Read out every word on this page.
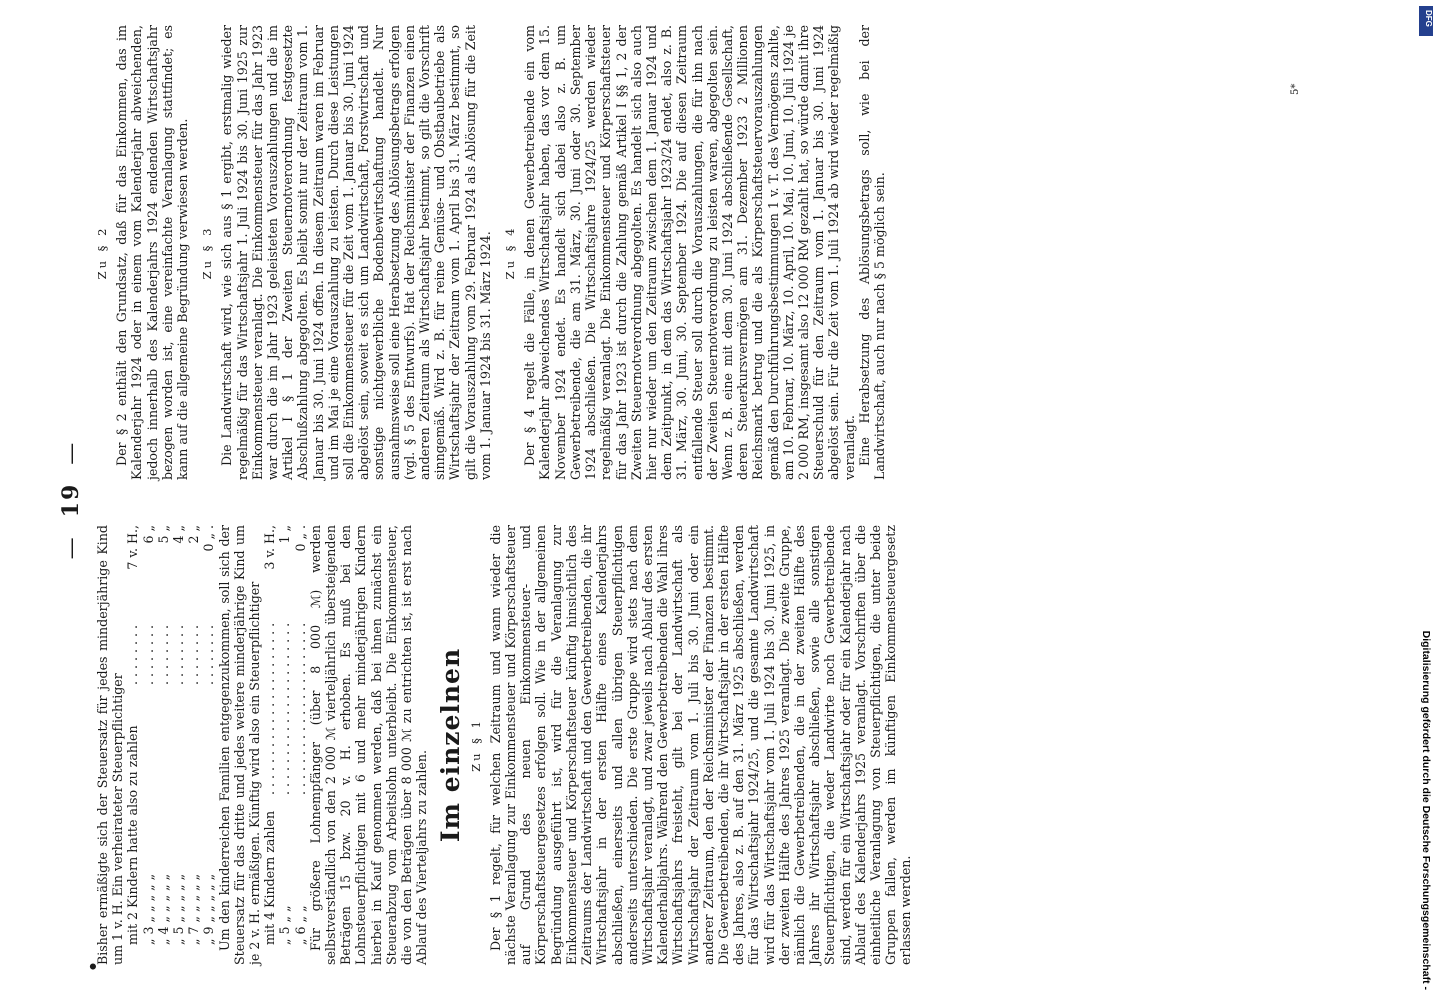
●
—  19  —

Bisher ermäßigte sich der Steuersatz für jedes minderjährige Kind um 1 v. H. Ein verheirateter Steuerpflichtiger mit 2 Kindern hatte also zu zahlen
. . . . . . . .
7 v. H.,
„ 3 „ „ „ „ „
. . . . . . . .
6 „
„ 4 „ „ „ „ „
. . . . . . . .
5 „
„ 5 „ „ „ „ „
. . . . . . . .
4 „
„ 7 „ „ „ „ „
. . . . . . . .
2 „
„ 9 „ „ „ „ „
. . . . . . . .
0 „ . Um den kinderreichen Familien entgegenzukommen, soll sich der Steuersatz für das dritte und jedes weitere minderjährige Kind um je 2 v. H. ermäßigen. Künftig wird also ein Steuerpflichtiger mit 4 Kindern zahlen
. . . . . . . . . . . . . . . . . . . . . .
3 v. H.,
„ 5 „ „
. . . . . . . . . . . . . . . . . . . . . .
1 „
„ 6 „ „
. . . . . . . . . . . . . . . . . . . . . .
0 „ . Für größere Lohnempfänger (über 8 000 ℳ) werden selbstverständlich von den 2 000 ℳ vierteljährlich übersteigenden Beträgen 15 bzw. 20 v. H. erhoben. Es muß bei den Lohnsteuerpflichtigen mit 6 und mehr minderjährigen Kindern hierbei in Kauf genommen werden, daß bei ihnen zunächst ein Steuerabzug vom Arbeitslohn unterbleibt. Die Einkommensteuer, die von den Beträgen über 8 000 ℳ zu entrichten ist, ist erst nach Ablauf des Vierteljahrs zu zahlen.

Im einzelnen Zu § 1 Der § 1 regelt, für welchen Zeitraum und wann wieder die nächste Veranlagung zur Einkommensteuer und Körperschaftsteuer auf Grund des neuen Einkommensteuer- und Körperschaftsteuergesetzes erfolgen soll. Wie in der allgemeinen Begründung ausgeführt ist, wird für die Veranlagung zur Einkommensteuer und Körperschaftsteuer künftig hinsichtlich des Zeitraums der Landwirtschaft und den Gewerbetreibenden, die ihr Wirtschaftsjahr in der ersten Hälfte eines Kalenderjahrs abschließen, einerseits und allen übrigen Steuerpflichtigen anderseits unterschieden. Die erste Gruppe wird stets nach dem Wirtschaftsjahr veranlagt, und zwar jeweils nach Ablauf des ersten Kalenderhalbjahrs. Während den Gewerbetreibenden die Wahl ihres Wirtschaftsjahrs freisteht, gilt bei der Landwirtschaft als Wirtschaftsjahr der Zeitraum vom 1. Juli bis 30. Juni oder ein anderer Zeitraum, den der Reichsminister der Finanzen bestimmt. Die Gewerbetreibenden, die ihr Wirtschaftsjahr in der ersten Hälfte des Jahres, also z. B. auf den 31. März 1925 abschließen, werden für das Wirtschaftsjahr 1924/25, und die gesamte Landwirtschaft wird für das Wirtschaftsjahr vom 1. Juli 1924 bis 30. Juni 1925, in der zweiten Hälfte des Jahres 1925 veranlagt. Die zweite Gruppe, nämlich die Gewerbetreibenden, die in der zweiten Hälfte des Jahres ihr Wirtschaftsjahr abschließen, sowie alle sonstigen Steuerpflichtigen, die weder Landwirte noch Gewerbetreibende sind, werden für ein Wirtschaftsjahr oder für ein Kalenderjahr nach Ablauf des Kalenderjahrs 1925 veranlagt. Vorschriften über die einheitliche Veranlagung von Steuerpflichtigen, die unter beide Gruppen fallen, werden im künftigen Einkommensteuergesetz erlassen werden.

Zu § 2 Der § 2 enthält den Grundsatz, daß für das Einkommen, das im Kalenderjahr 1924 oder in einem vom Kalenderjahr abweichenden, jedoch innerhalb des Kalenderjahrs 1924 endenden Wirtschaftsjahr bezogen worden ist, eine vereinfachte Veranlagung stattfindet; es kann auf die allgemeine Begründung verwiesen werden. Zu § 3 Die Landwirtschaft wird, wie sich aus § 1 ergibt, erstmalig wieder regelmäßig für das Wirtschaftsjahr 1. Juli 1924 bis 30. Juni 1925 zur Einkommensteuer veranlagt. Die Einkommensteuer für das Jahr 1923 war durch die im Jahr 1923 geleisteten Vorauszahlungen und die im Artikel I § 1 der Zweiten Steuernotverordnung festgesetzte Abschlußzahlung abgegolten. Es bleibt somit nur der Zeitraum vom 1. Januar bis 30. Juni 1924 offen. In diesem Zeitraum waren im Februar und im Mai je eine Vorauszahlung zu leisten. Durch diese Leistungen soll die Einkommensteuer für die Zeit vom 1. Januar bis 30. Juni 1924 abgelöst sein, soweit es sich um Landwirtschaft, Forstwirtschaft und sonstige nichtgewerbliche Bodenbewirtschaftung handelt. Nur ausnahmsweise soll eine Herabsetzung des Ablösungsbetrags erfolgen (vgl. § 5 des Entwurfs). Hat der Reichsminister der Finanzen einen anderen Zeitraum als Wirtschaftsjahr bestimmt, so gilt die Vorschrift sinngemäß. Wird z. B. für reine Gemüse- und Obstbaubetriebe als Wirtschaftsjahr der Zeitraum vom 1. April bis 31. März bestimmt, so gilt die Vorauszahlung vom 29. Februar 1924 als Ablösung für die Zeit vom 1. Januar 1924 bis 31. März 1924. Zu § 4 Der § 4 regelt die Fälle, in denen Gewerbetreibende ein vom Kalenderjahr abweichendes Wirtschaftsjahr haben, das vor dem 15. November 1924 endet. Es handelt sich dabei also z. B. um Gewerbetreibende, die am 31. März, 30. Juni oder 30. September 1924 abschließen. Die Wirtschaftsjahre 1924/25 werden wieder regelmäßig veranlagt. Die Einkommensteuer und Körperschaftsteuer für das Jahr 1923 ist durch die Zahlung gemäß Artikel I §§ 1, 2 der Zweiten Steuernotverordnung abgegolten. Es handelt sich also auch hier nur wieder um den Zeitraum zwischen dem 1. Januar 1924 und dem Zeitpunkt, in dem das Wirtschaftsjahr 1923/24 endet, also z. B. 31. März, 30. Juni, 30. September 1924. Die auf diesen Zeitraum entfallende Steuer soll durch die Vorauszahlungen, die für ihn nach der Zweiten Steuernotverordnung zu leisten waren, abgegolten sein. Wenn z. B. eine mit dem 30. Juni 1924 abschließende Gesellschaft, deren Steuerkursvermögen am 31. Dezember 1923 2 Millionen Reichsmark betrug und die als Körperschaftsteuervorauszahlungen gemäß den Durchführungsbestimmungen 1 v. T. des Vermögens zahlte, am 10. Februar, 10. März, 10. April, 10. Mai, 10. Juni, 10. Juli 1924 je 2 000 RM, insgesamt also 12 000 RM gezahlt hat, so würde damit ihre Steuerschuld für den Zeitraum vom 1. Januar bis 30. Juni 1924 abgelöst sein. Für die Zeit vom 1. Juli 1924 ab wird wieder regelmäßig veranlagt. Eine Herabsetzung des Ablösungsbetrags soll, wie bei der Landwirtschaft, auch nur nach § 5 möglich sein.

5*
DFG
Digitalisierung gefördert durch die Deutsche Forschungsgemeinschaft -
